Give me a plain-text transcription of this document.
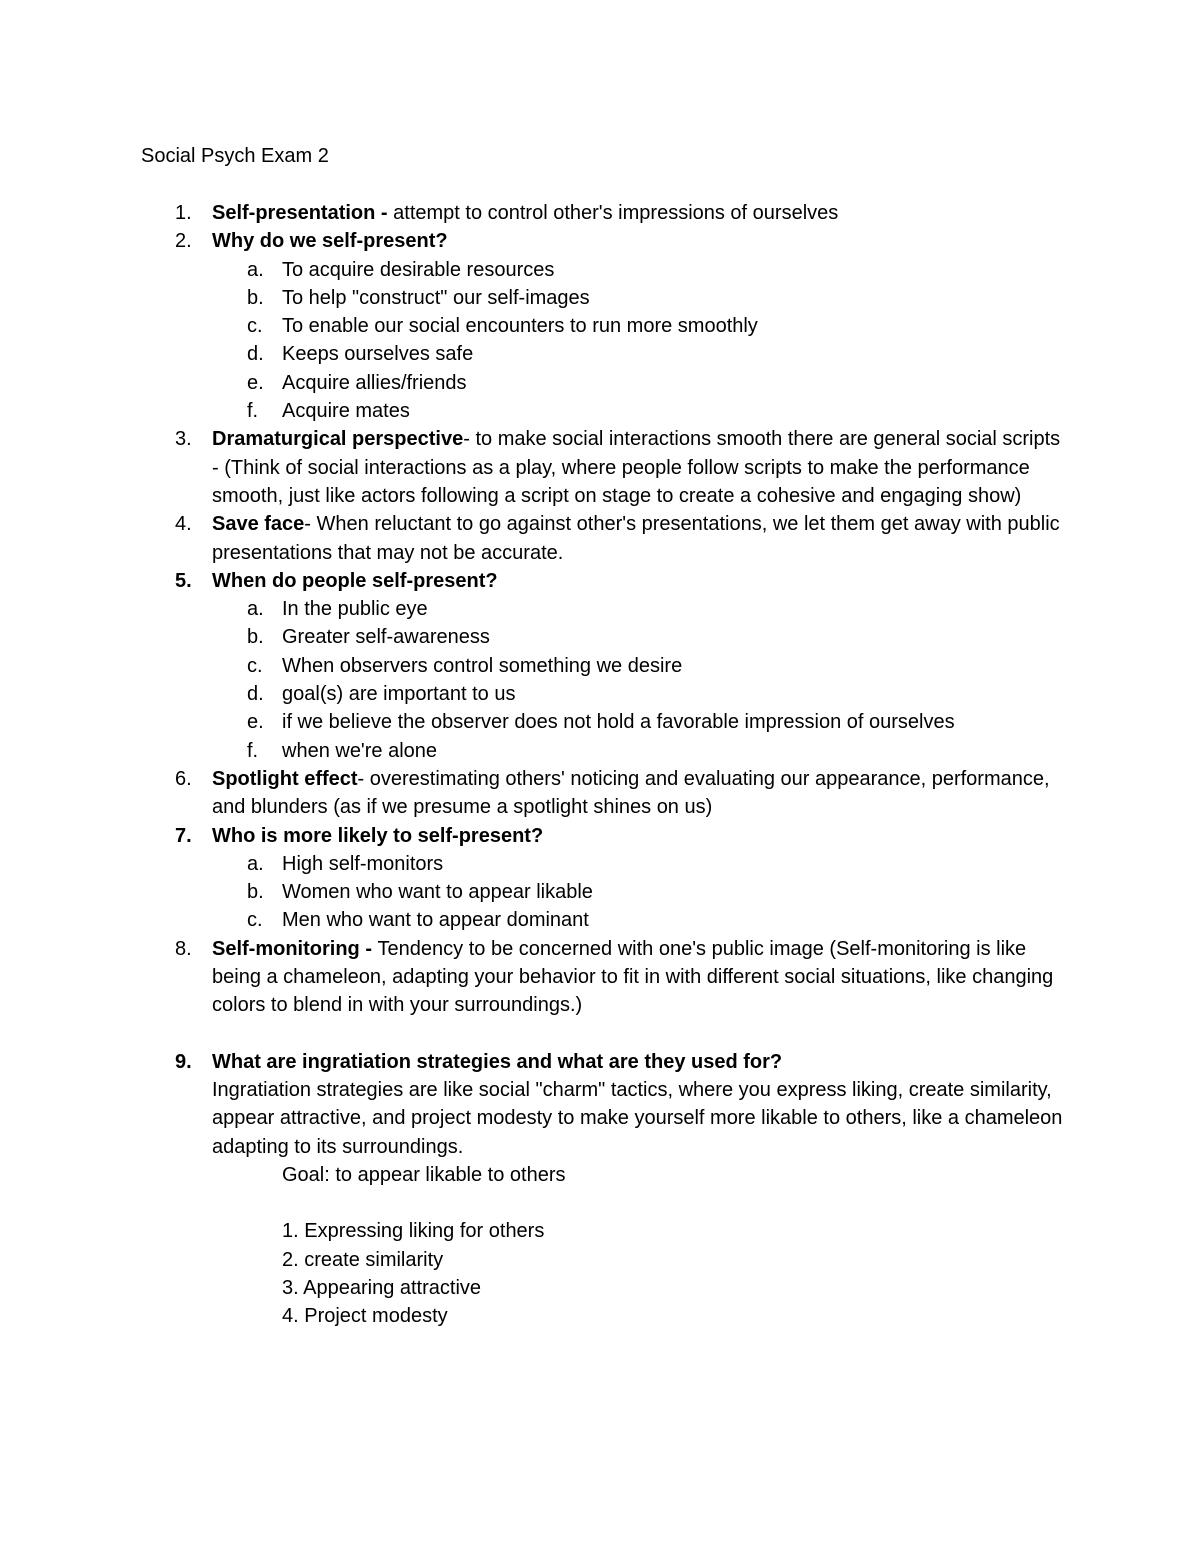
Social Psych Exam 2
1. Self-presentation - attempt to control other's impressions of ourselves
2. Why do we self-present?
a. To acquire desirable resources
b. To help "construct" our self-images
c. To enable our social encounters to run more smoothly
d. Keeps ourselves safe
e. Acquire allies/friends
f. Acquire mates
3. Dramaturgical perspective- to make social interactions smooth there are general social scripts - (Think of social interactions as a play, where people follow scripts to make the performance smooth, just like actors following a script on stage to create a cohesive and engaging show)
4. Save face- When reluctant to go against other's presentations, we let them get away with public presentations that may not be accurate.
5. When do people self-present?
a. In the public eye
b. Greater self-awareness
c. When observers control something we desire
d. goal(s) are important to us
e. if we believe the observer does not hold a favorable impression of ourselves
f. when we're alone
6. Spotlight effect- overestimating others' noticing and evaluating our appearance, performance, and blunders (as if we presume a spotlight shines on us)
7. Who is more likely to self-present?
a. High self-monitors
b. Women who want to appear likable
c. Men who want to appear dominant
8. Self-monitoring - Tendency to be concerned with one's public image (Self-monitoring is like being a chameleon, adapting your behavior to fit in with different social situations, like changing colors to blend in with your surroundings.)
9. What are ingratiation strategies and what are they used for?
Ingratiation strategies are like social "charm" tactics, where you express liking, create similarity, appear attractive, and project modesty to make yourself more likable to others, like a chameleon adapting to its surroundings.
Goal: to appear likable to others
1. Expressing liking for others
2. create similarity
3. Appearing attractive
4. Project modesty
